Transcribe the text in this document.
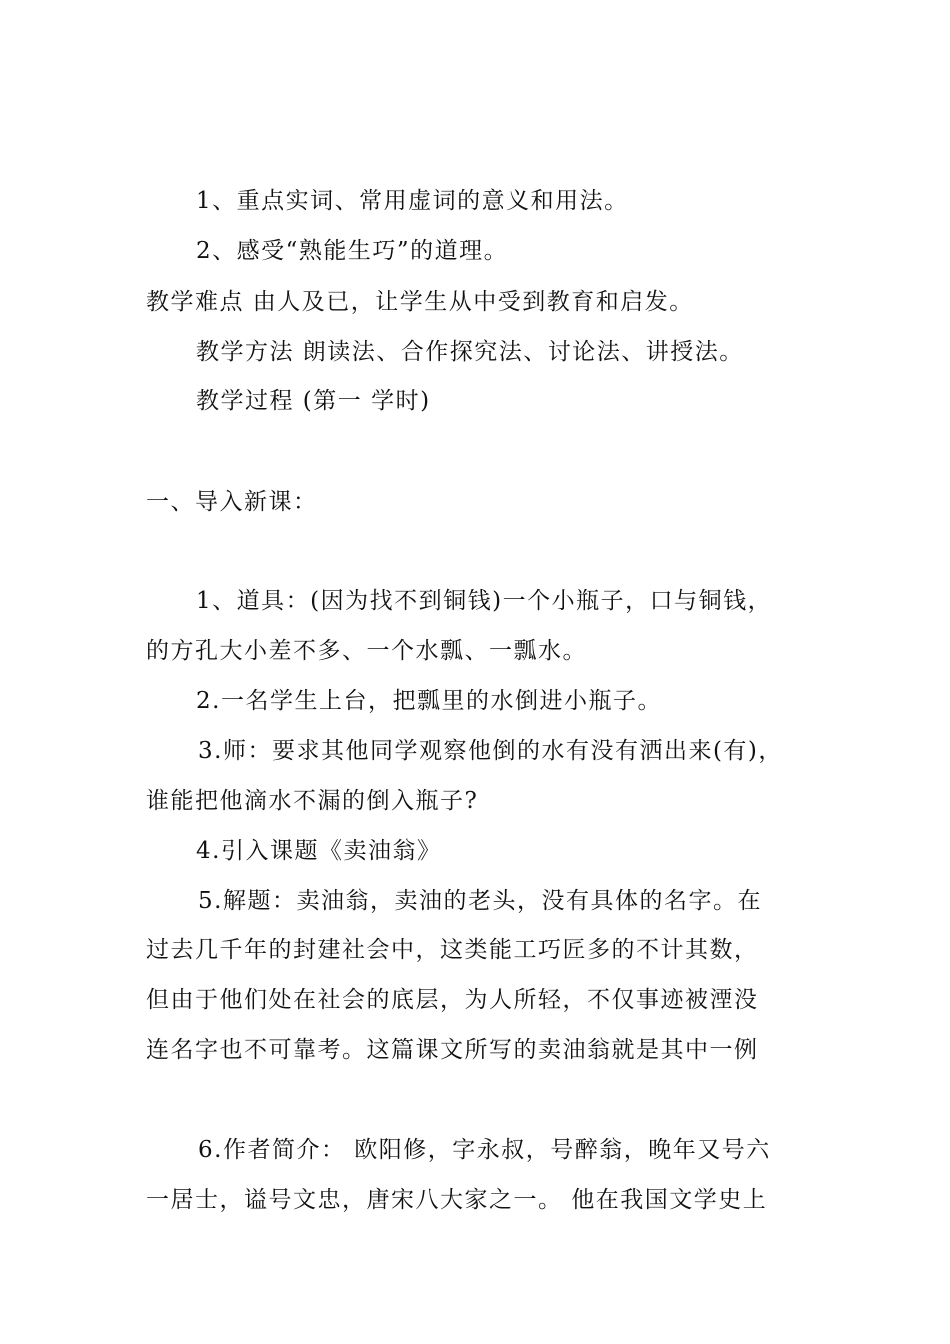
1、重点实词、常用虚词的意义和用法。
2、感受“熟能生巧”的道理。
教学难点 由人及已，让学生从中受到教育和启发。
教学方法 朗读法、合作探究法、讨论法、讲授法。
教学过程 (第一 学时)
一、导入新课：
1、道具：(因为找不到铜钱)一个小瓶子，口与铜钱，
的方孔大小差不多、一个水瓢、一瓢水。
2.一名学生上台，把瓢里的水倒进小瓶子。
3.师：要求其他同学观察他倒的水有没有洒出来(有)，
谁能把他滴水不漏的倒入瓶子?
4.引入课题《卖油翁》
5.解题：卖油翁，卖油的老头，没有具体的名字。在
过去几千年的封建社会中，这类能工巧匠多的不计其数，
但由于他们处在社会的底层，为人所轻，不仅事迹被湮没
连名字也不可靠考。这篇课文所写的卖油翁就是其中一例
6.作者简介： 欧阳修，字永叔，号醉翁，晚年又号六
一居士，谥号文忠，唐宋八大家之一。 他在我国文学史上
